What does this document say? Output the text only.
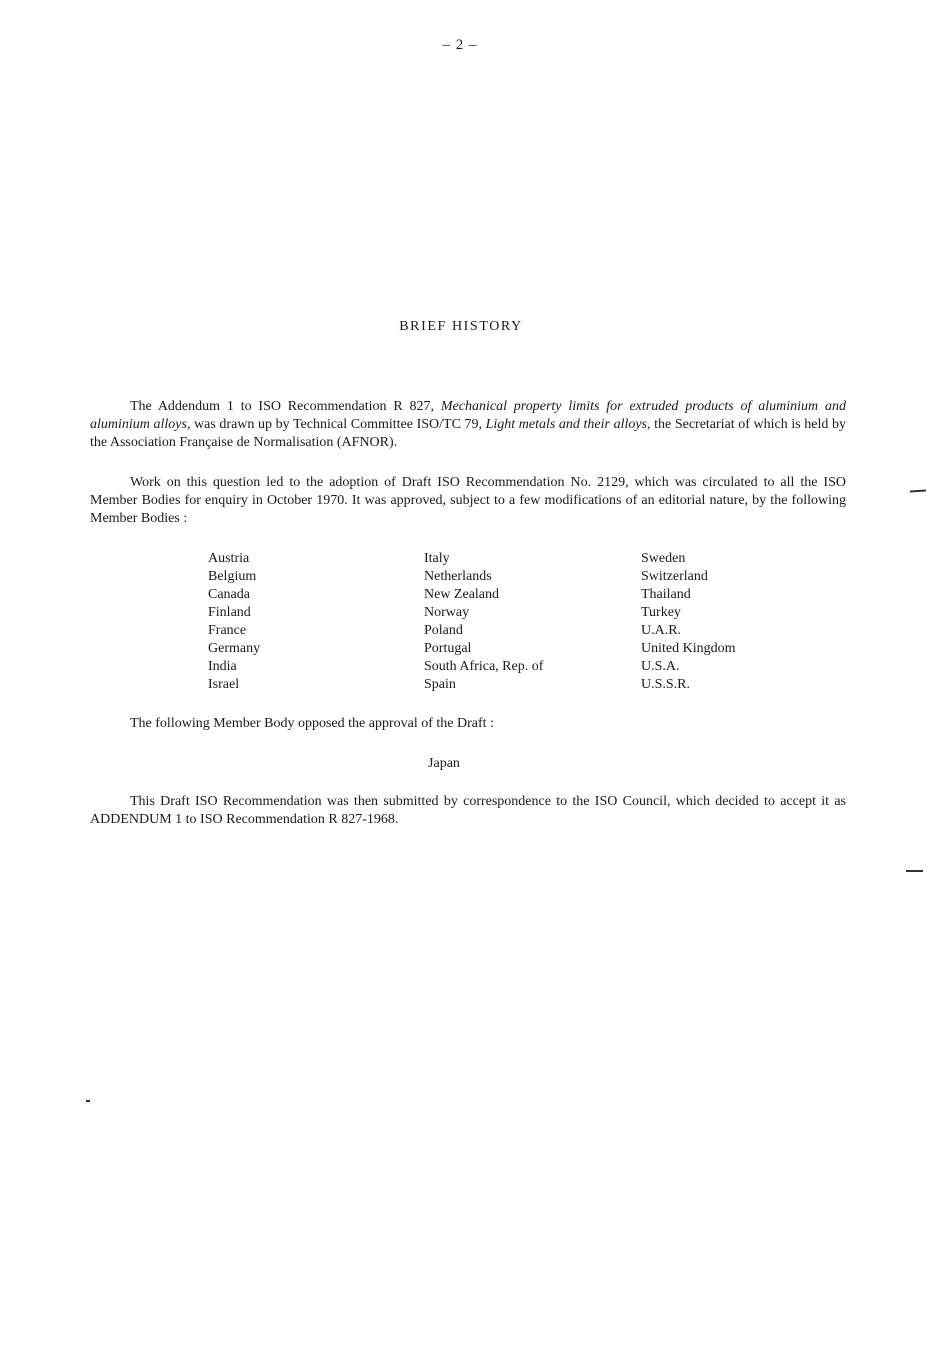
– 2 –
BRIEF HISTORY

The Addendum 1 to ISO Recommendation R 827, Mechanical property limits for extruded products of aluminium and aluminium alloys, was drawn up by Technical Committee ISO/TC 79, Light metals and their alloys, the Secretariat of which is held by the Association Française de Normalisation (AFNOR).

Work on this question led to the adoption of Draft ISO Recommendation No. 2129, which was circulated to all the ISO Member Bodies for enquiry in October 1970. It was approved, subject to a few modifications of an editorial nature, by the following Member Bodies :

Austria
Belgium
Canada
Finland
France
Germany
India
Israel
Italy
Netherlands
New Zealand
Norway
Poland
Portugal
South Africa, Rep. of
Spain
Sweden
Switzerland
Thailand
Turkey
U.A.R.
United Kingdom
U.S.A.
U.S.S.R.

The following Member Body opposed the approval of the Draft :

Japan

This Draft ISO Recommendation was then submitted by correspondence to the ISO Council, which decided to accept it as ADDENDUM 1 to ISO Recommendation R 827-1968.
